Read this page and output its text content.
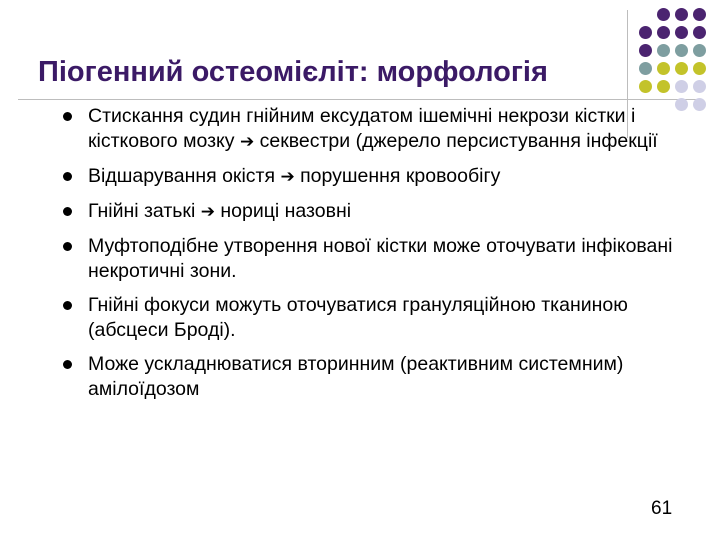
Піогенний остеомієліт: морфологія
Стискання судин гнійним ексудатом ішемічні некрози кістки і кісткового мозку ➔ секвестри (джерело персистування інфекції
Відшарування окістя ➔ порушення кровообігу
Гнійні затькі ➔ нориці назовні
Муфтоподібне утворення нової кістки може оточувати інфіковані некротичні зони.
Гнійні фокуси можуть оточуватися грануляційною тканиною (абсцеси Броді).
Може ускладнюватися вторинним (реактивним системним) амілоїдозом
61
